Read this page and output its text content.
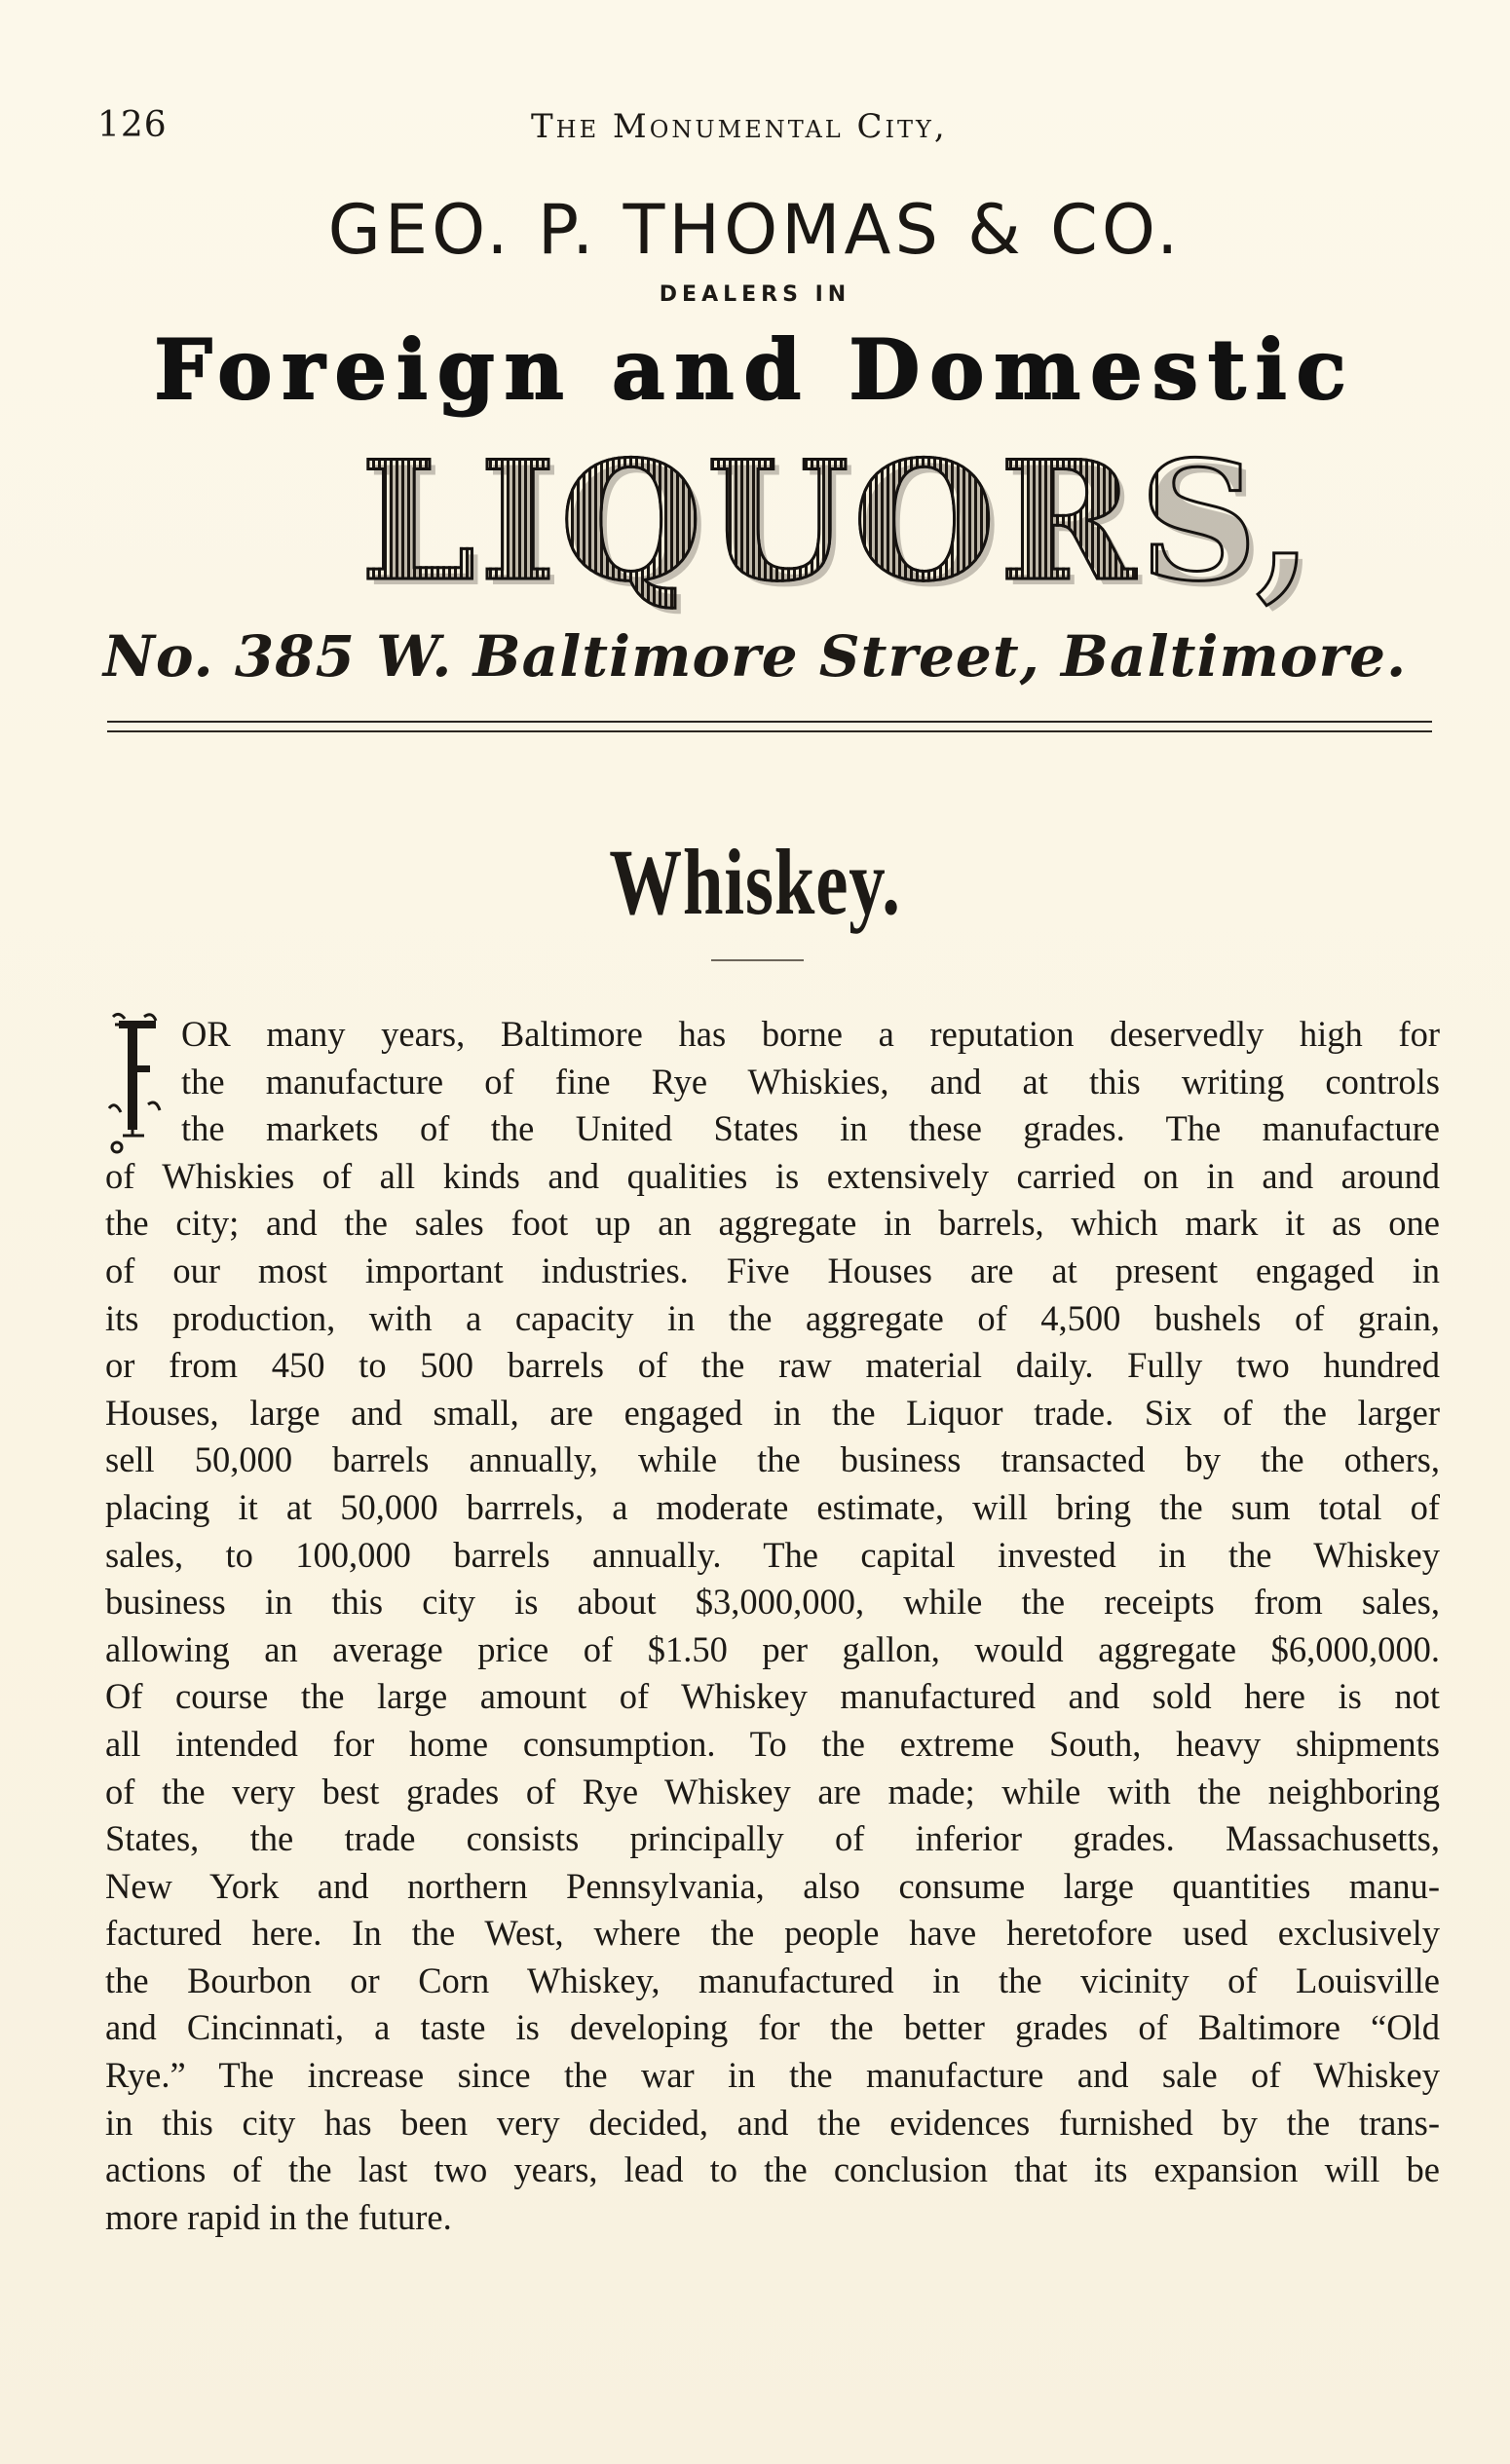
126	The Monumental City,
GEO. P. THOMAS & CO.
DEALERS IN
Foreign and Domestic
LIQUORS,
No. 385 W. Baltimore Street, Baltimore.
Whiskey.
OR many years, Baltimore has borne a reputation deservedly high for
the manufacture of fine Rye Whiskies, and at this writing controls
the markets of the United States in these grades. The manufacture
of Whiskies of all kinds and qualities is extensively carried on in and around
the city; and the sales foot up an aggregate in barrels, which mark it as one
of our most important industries. Five Houses are at present engaged in
its production, with a capacity in the aggregate of 4,500 bushels of grain,
or from 450 to 500 barrels of the raw material daily. Fully two hundred
Houses, large and small, are engaged in the Liquor trade. Six of the larger
sell 50,000 barrels annually, while the business transacted by the others,
placing it at 50,000 barrrels, a moderate estimate, will bring the sum total of
sales, to 100,000 barrels annually. The capital invested in the Whiskey
business in this city is about $3,000,000, while the receipts from sales,
allowing an average price of $1.50 per gallon, would aggregate $6,000,000.
Of course the large amount of Whiskey manufactured and sold here is not
all intended for home consumption. To the extreme South, heavy shipments
of the very best grades of Rye Whiskey are made; while with the neighboring
States, the trade consists principally of inferior grades. Massachusetts,
New York and northern Pennsylvania, also consume large quantities manu-
factured here. In the West, where the people have heretofore used exclusively
the Bourbon or Corn Whiskey, manufactured in the vicinity of Louisville
and Cincinnati, a taste is developing for the better grades of Baltimore “Old
Rye.” The increase since the war in the manufacture and sale of Whiskey
in this city has been very decided, and the evidences furnished by the trans-
actions of the last two years, lead to the conclusion that its expansion will be
more rapid in the future.
